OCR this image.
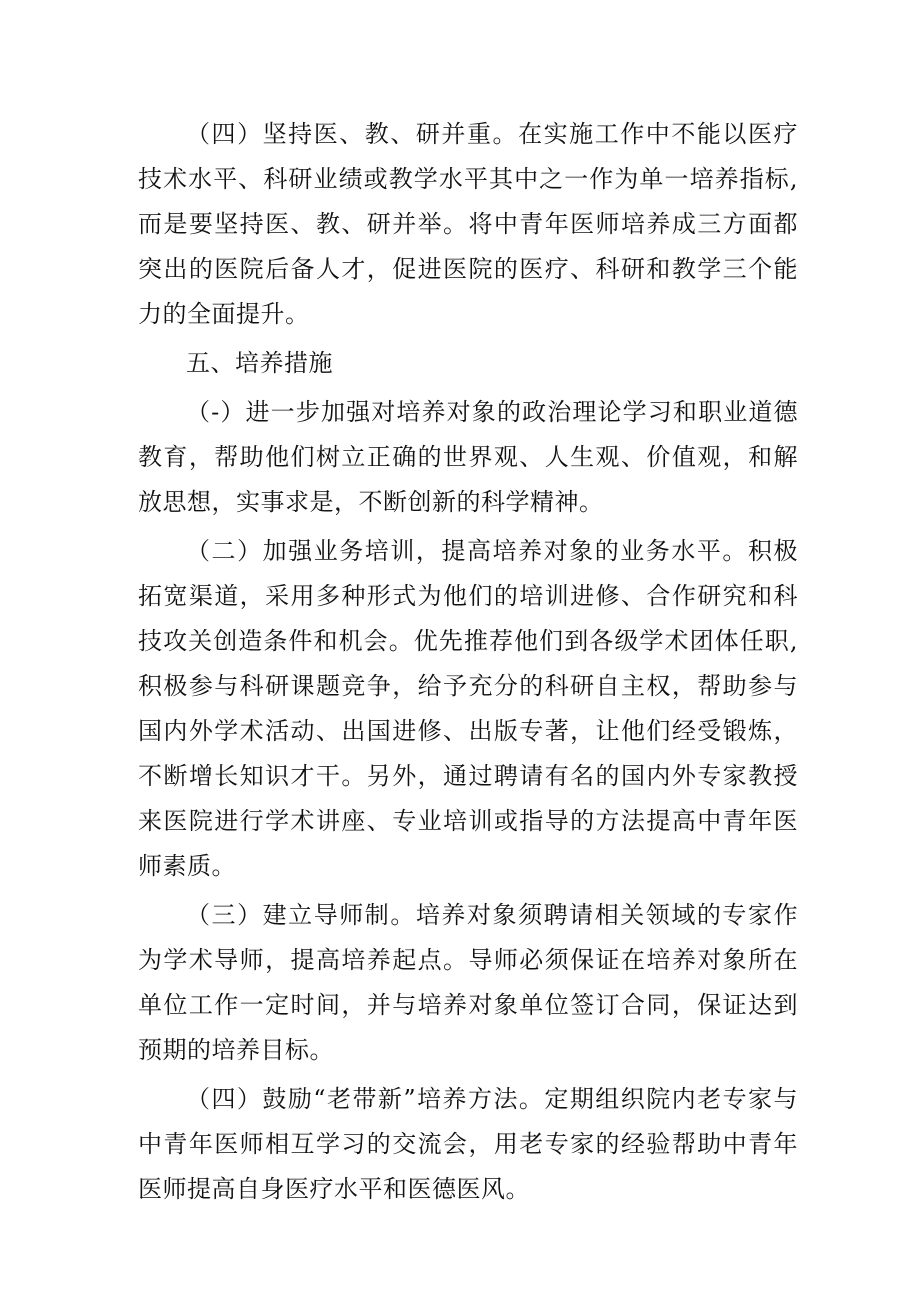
（四）坚持医、教、研并重。在实施工作中不能以医疗技术水平、科研业绩或教学水平其中之一作为单一培养指标,而是要坚持医、教、研并举。将中青年医师培养成三方面都突出的医院后备人才，促进医院的医疗、科研和教学三个能力的全面提升。

五、培养措施

（-）进一步加强对培养对象的政治理论学习和职业道德教育，帮助他们树立正确的世界观、人生观、价值观，和解放思想，实事求是，不断创新的科学精神。

（二）加强业务培训，提高培养对象的业务水平。积极拓宽渠道，采用多种形式为他们的培训进修、合作研究和科技攻关创造条件和机会。优先推荐他们到各级学术团体任职,积极参与科研课题竞争，给予充分的科研自主权，帮助参与国内外学术活动、出国进修、出版专著，让他们经受锻炼，不断增长知识才干。另外，通过聘请有名的国内外专家教授来医院进行学术讲座、专业培训或指导的方法提高中青年医师素质。

（三）建立导师制。培养对象须聘请相关领域的专家作为学术导师，提高培养起点。导师必须保证在培养对象所在单位工作一定时间，并与培养对象单位签订合同，保证达到预期的培养目标。

（四）鼓励“老带新”培养方法。定期组织院内老专家与中青年医师相互学习的交流会，用老专家的经验帮助中青年医师提高自身医疗水平和医德医风。
